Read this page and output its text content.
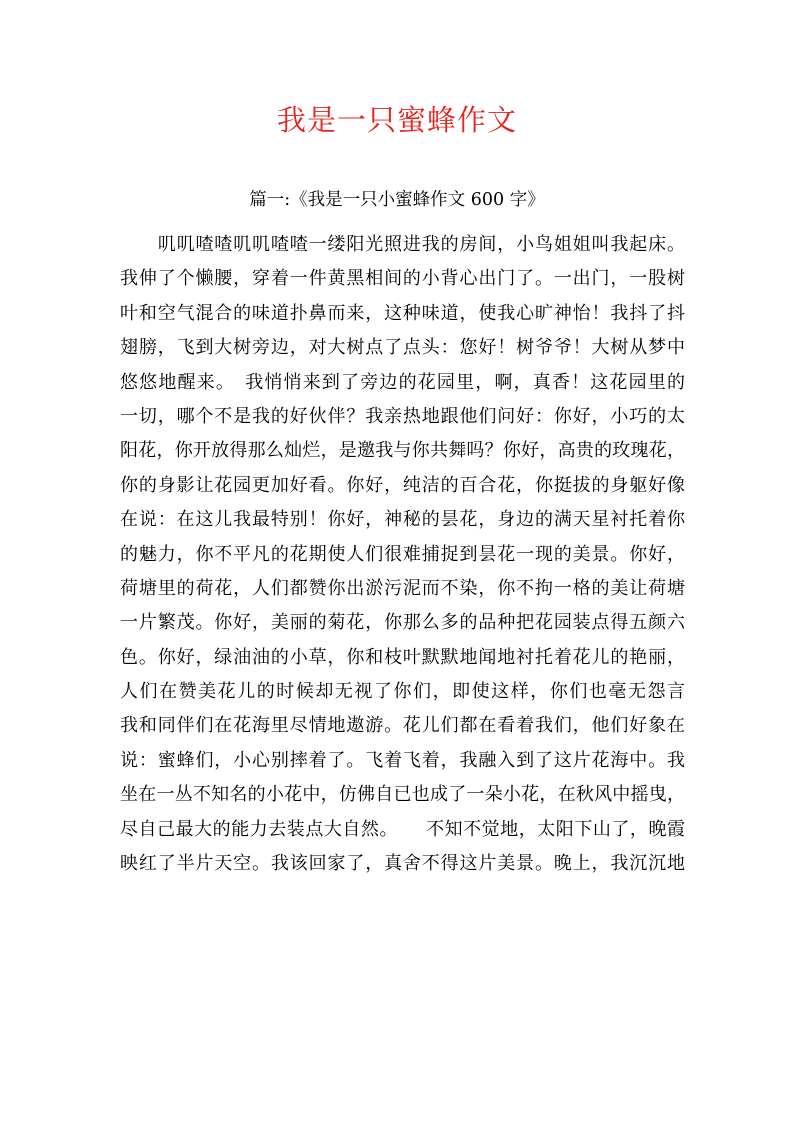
我是一只蜜蜂作文
篇一:《我是一只小蜜蜂作文 600 字》
　　叽叽喳喳叽叽喳喳一缕阳光照进我的房间，小鸟姐姐叫我起床。
我伸了个懒腰，穿着一件黄黑相间的小背心出门了。一出门，一股树
叶和空气混合的味道扑鼻而来，这种味道，使我心旷神怡！我抖了抖
翅膀，飞到大树旁边，对大树点了点头：您好！树爷爷！大树从梦中
悠悠地醒来。　我悄悄来到了旁边的花园里，啊，真香！这花园里的
一切，哪个不是我的好伙伴？我亲热地跟他们问好：你好，小巧的太
阳花，你开放得那么灿烂，是邀我与你共舞吗？你好，高贵的玫瑰花，
你的身影让花园更加好看。你好，纯洁的百合花，你挺拔的身躯好像
在说：在这儿我最特别！你好，神秘的昙花，身边的满天星衬托着你
的魅力，你不平凡的花期使人们很难捕捉到昙花一现的美景。你好，
荷塘里的荷花，人们都赞你出淤污泥而不染，你不拘一格的美让荷塘
一片繁茂。你好，美丽的菊花，你那么多的品种把花园装点得五颜六
色。你好，绿油油的小草，你和枝叶默默地闻地衬托着花儿的艳丽，
人们在赞美花儿的时候却无视了你们，即使这样，你们也毫无怨言
我和同伴们在花海里尽情地遨游。花儿们都在看着我们，他们好象在
说：蜜蜂们，小心别摔着了。飞着飞着，我融入到了这片花海中。我
坐在一丛不知名的小花中，仿佛自已也成了一朵小花，在秋风中摇曳，
尽自己最大的能力去装点大自然。　　不知不觉地，太阳下山了，晚霞
映红了半片天空。我该回家了，真舍不得这片美景。晚上，我沉沉地
